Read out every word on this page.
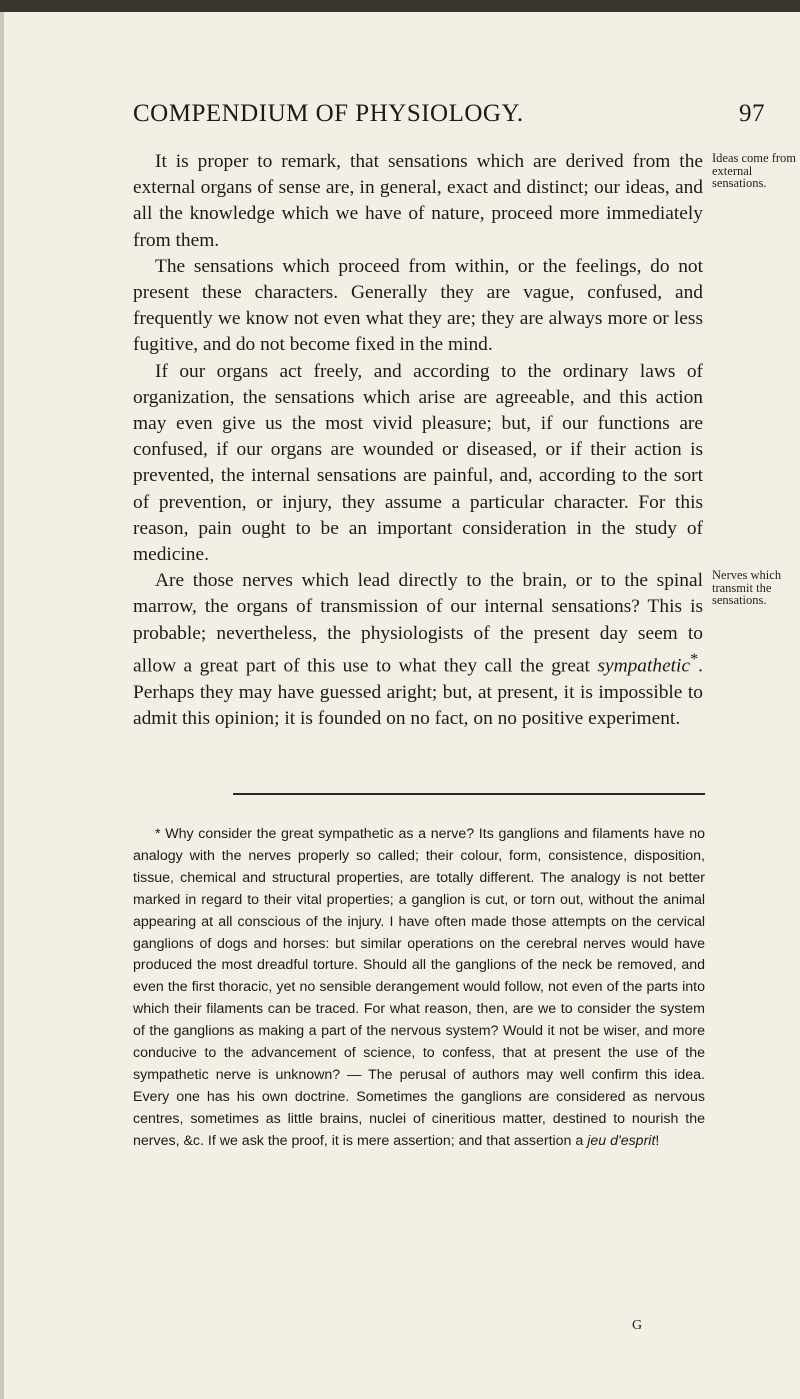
COMPENDIUM OF PHYSIOLOGY.	97

It is proper to remark, that sensations which are derived from the external organs of sense are, in general, exact and distinct; our ideas, and all the knowledge which we have of nature, proceed more immediately from them.

The sensations which proceed from within, or the feelings, do not present these characters. Generally they are vague, confused, and frequently we know not even what they are; they are always more or less fugitive, and do not become fixed in the mind.

If our organs act freely, and according to the ordinary laws of organization, the sensations which arise are agreeable, and this action may even give us the most vivid pleasure; but, if our functions are confused, if our organs are wounded or diseased, or if their action is prevented, the internal sensations are painful, and, according to the sort of prevention, or injury, they assume a particular character. For this reason, pain ought to be an important consideration in the study of medicine.

Are those nerves which lead directly to the brain, or to the spinal marrow, the organs of transmission of our internal sensations? This is probable; nevertheless, the physiologists of the present day seem to allow a great part of this use to what they call the great sympathetic*. Perhaps they may have guessed aright; but, at present, it is impossible to admit this opinion; it is founded on no fact, on no positive experiment.

Ideas come from external sensations.
Nerves which transmit the sensations.

* Why consider the great sympathetic as a nerve? Its ganglions and filaments have no analogy with the nerves properly so called; their colour, form, consistence, disposition, tissue, chemical and structural properties, are totally different. The analogy is not better marked in regard to their vital properties; a ganglion is cut, or torn out, without the animal appearing at all conscious of the injury. I have often made those attempts on the cervical ganglions of dogs and horses: but similar operations on the cerebral nerves would have produced the most dreadful torture. Should all the ganglions of the neck be removed, and even the first thoracic, yet no sensible derangement would follow, not even of the parts into which their filaments can be traced. For what reason, then, are we to consider the system of the ganglions as making a part of the nervous system? Would it not be wiser, and more conducive to the advancement of science, to confess, that at present the use of the sympathetic nerve is unknown? — The perusal of authors may well confirm this idea. Every one has his own doctrine. Sometimes the ganglions are considered as nervous centres, sometimes as little brains, nuclei of cineritious matter, destined to nourish the nerves, &c. If we ask the proof, it is mere assertion; and that assertion a jeu d'esprit!

G
